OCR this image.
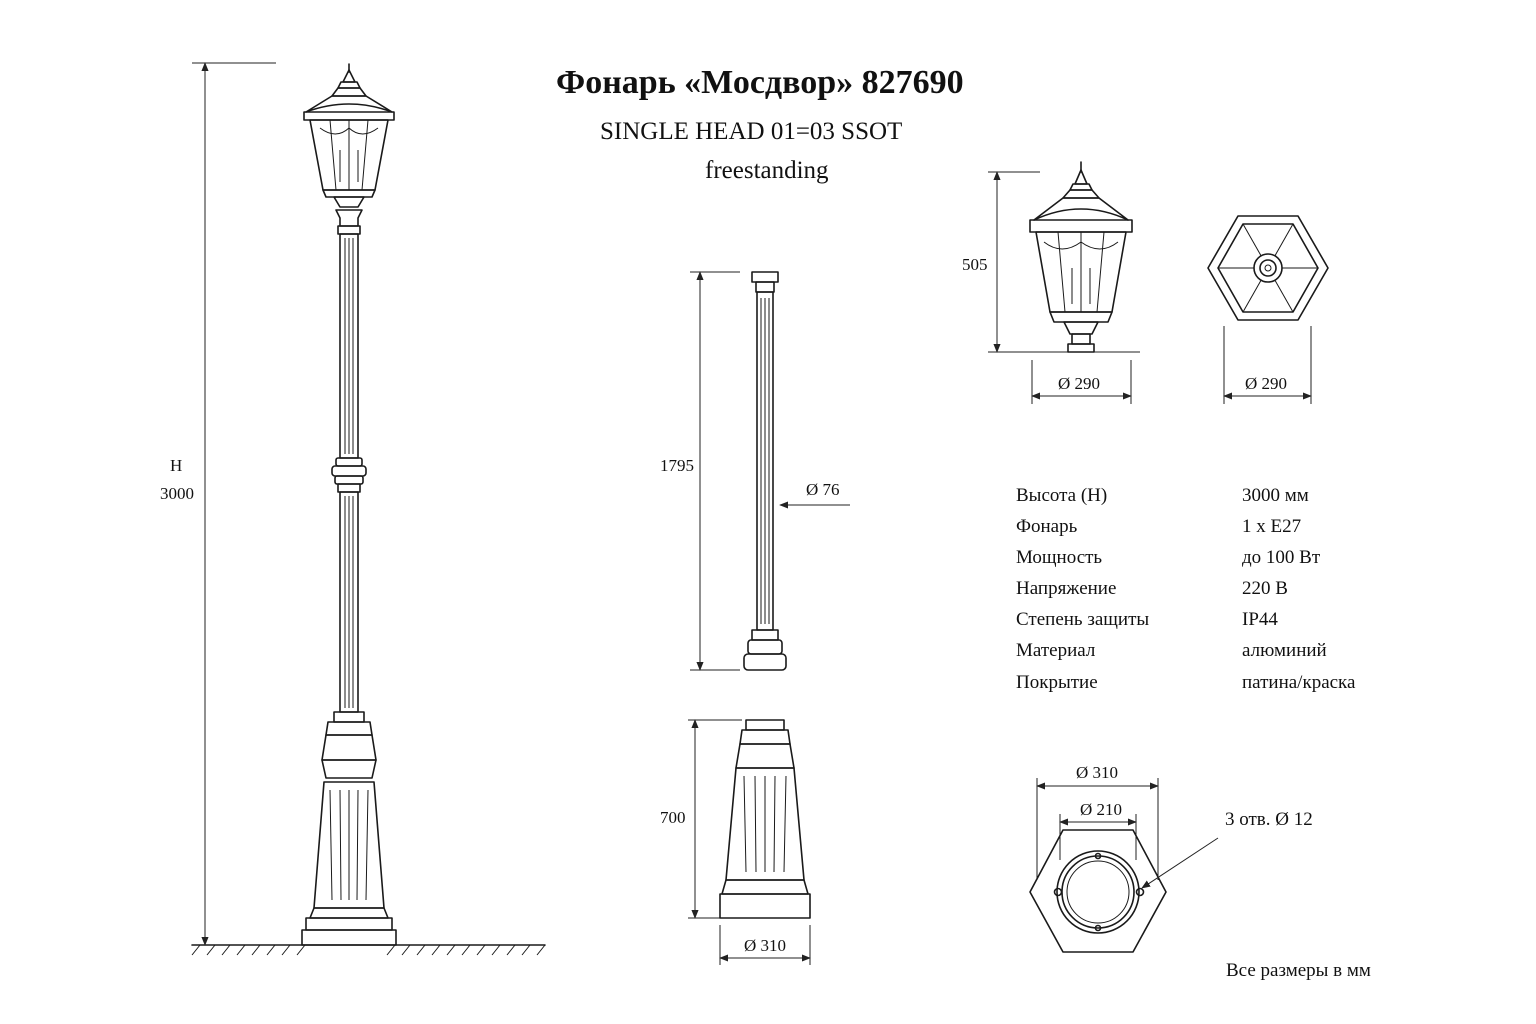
Фонарь «Мосдвор» 827690
SINGLE HEAD 01=03 SSOT
freestanding
H
3000
1795
Ø 76
700
Ø 310
505
Ø 290	Ø 290
Высота (Н)	3000 мм
Фонарь	1 х Е27
Мощность	до 100 Вт
Напряжение	220 В
Степень защиты	IP44
Материал	алюминий
Покрытие	патина/краска
Ø 310
Ø 210	3 отв. Ø 12
Все размеры в мм
